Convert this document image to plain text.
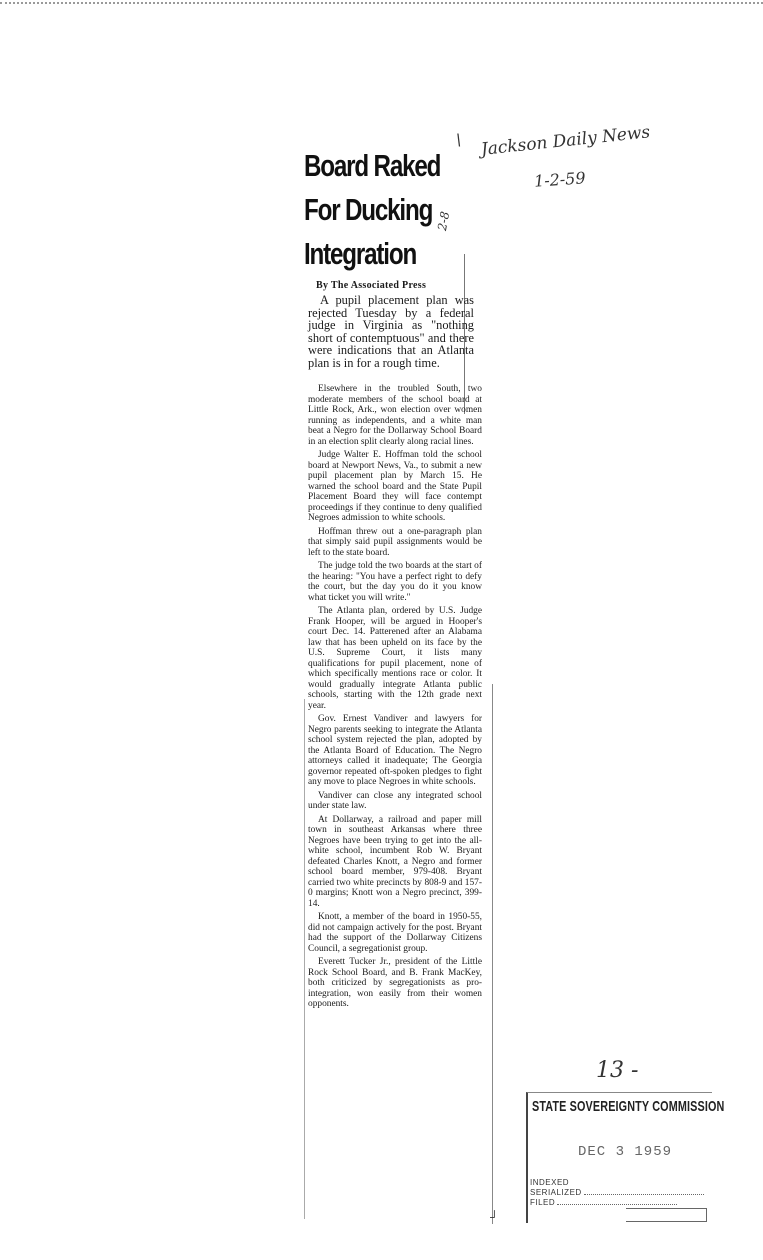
Board Raked
For Ducking
Integration

By The Associated Press

A pupil placement plan was rejected Tuesday by a federal judge in Virginia as "nothing short of contemptuous" and there were indications that an Atlanta plan is in for a rough time.

Elsewhere in the troubled South, two moderate members of the school board at Little Rock, Ark., won election over women running as independents, and a white man beat a Negro for the Dollarway School Board in an election split clearly along racial lines.

Judge Walter E. Hoffman told the school board at Newport News, Va., to submit a new pupil placement plan by March 15. He warned the school board and the State Pupil Placement Board they will face contempt proceedings if they continue to deny qualified Negroes admission to white schools.

Hoffman threw out a one-paragraph plan that simply said pupil assignments would be left to the state board.

The judge told the two boards at the start of the hearing: "You have a perfect right to defy the court, but the day you do it you know what ticket you will write."

The Atlanta plan, ordered by U.S. Judge Frank Hooper, will be argued in Hooper's court Dec. 14. Patterened after an Alabama law that has been upheld on its face by the U.S. Supreme Court, it lists many qualifications for pupil placement, none of which specifically mentions race or color. It would gradually integrate Atlanta public schools, starting with the 12th grade next year.

Gov. Ernest Vandiver and lawyers for Negro parents seeking to integrate the Atlanta school system rejected the plan, adopted by the Atlanta Board of Education. The Negro attorneys called it inadequate; The Georgia governor repeated oft-spoken pledges to fight any move to place Negroes in white schools.

Vandiver can close any integrated school under state law.

At Dollarway, a railroad and paper mill town in southeast Arkansas where three Negroes have been trying to get into the all-white school, incumbent Rob W. Bryant defeated Charles Knott, a Negro and former school board member, 979-408. Bryant carried two white precincts by 808-9 and 157-0 margins; Knott won a Negro precinct, 399-14.

Knott, a member of the board in 1950-55, did not campaign actively for the post. Bryant had the support of the Dollarway Citizens Council, a segregationist group.

Everett Tucker Jr., president of the Little Rock School Board, and B. Frank MacKey, both criticized by segregationists as pro-integration, won easily from their women opponents.

┘
\ Jackson Daily News
1-2-59
2-8
13 -
STATE SOVEREIGNTY COMMISSION
DEC 3 1959
INDEXED
SERIALIZED
FILED
